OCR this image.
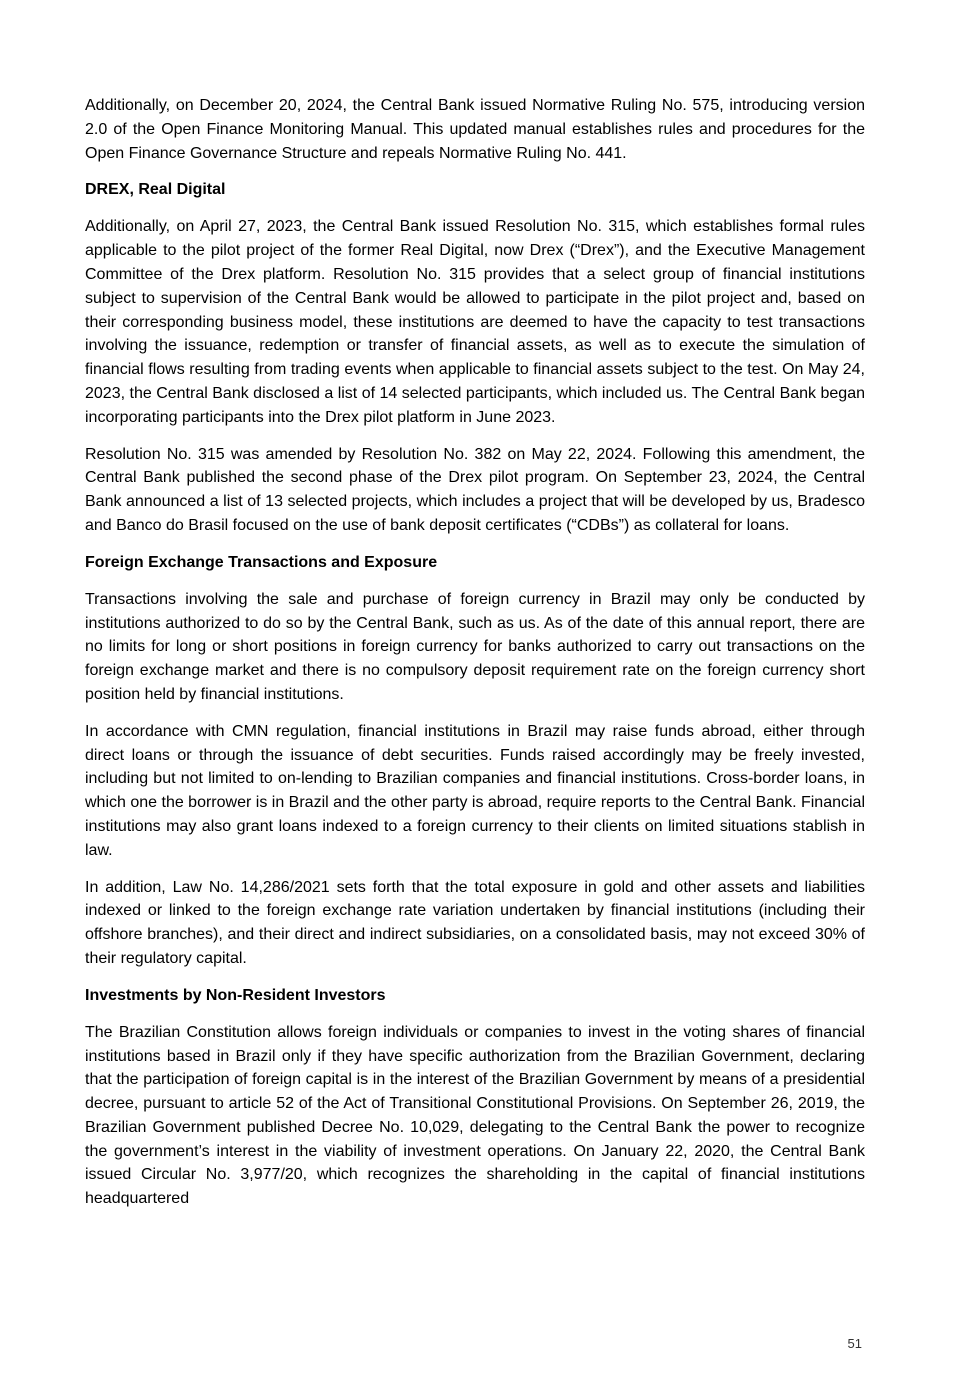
Additionally, on December 20, 2024, the Central Bank issued Normative Ruling No. 575, introducing version 2.0 of the Open Finance Monitoring Manual. This updated manual establishes rules and procedures for the Open Finance Governance Structure and repeals Normative Ruling No. 441.

DREX, Real Digital

Additionally, on April 27, 2023, the Central Bank issued Resolution No. 315, which establishes formal rules applicable to the pilot project of the former Real Digital, now Drex (“Drex”), and the Executive Management Committee of the Drex platform. Resolution No. 315 provides that a select group of financial institutions subject to supervision of the Central Bank would be allowed to participate in the pilot project and, based on their corresponding business model, these institutions are deemed to have the capacity to test transactions involving the issuance, redemption or transfer of financial assets, as well as to execute the simulation of financial flows resulting from trading events when applicable to financial assets subject to the test. On May 24, 2023, the Central Bank disclosed a list of 14 selected participants, which included us. The Central Bank began incorporating participants into the Drex pilot platform in June 2023.

Resolution No. 315 was amended by Resolution No. 382 on May 22, 2024. Following this amendment, the Central Bank published the second phase of the Drex pilot program. On September 23, 2024, the Central Bank announced a list of 13 selected projects, which includes a project that will be developed by us, Bradesco and Banco do Brasil focused on the use of bank deposit certificates (“CDBs”) as collateral for loans.

Foreign Exchange Transactions and Exposure

Transactions involving the sale and purchase of foreign currency in Brazil may only be conducted by institutions authorized to do so by the Central Bank, such as us. As of the date of this annual report, there are no limits for long or short positions in foreign currency for banks authorized to carry out transactions on the foreign exchange market and there is no compulsory deposit requirement rate on the foreign currency short position held by financial institutions.

In accordance with CMN regulation, financial institutions in Brazil may raise funds abroad, either through direct loans or through the issuance of debt securities. Funds raised accordingly may be freely invested, including but not limited to on-lending to Brazilian companies and financial institutions. Cross-border loans, in which one the borrower is in Brazil and the other party is abroad, require reports to the Central Bank. Financial institutions may also grant loans indexed to a foreign currency to their clients on limited situations stablish in law.

In addition, Law No. 14,286/2021 sets forth that the total exposure in gold and other assets and liabilities indexed or linked to the foreign exchange rate variation undertaken by financial institutions (including their offshore branches), and their direct and indirect subsidiaries, on a consolidated basis, may not exceed 30% of their regulatory capital.

Investments by Non-Resident Investors

The Brazilian Constitution allows foreign individuals or companies to invest in the voting shares of financial institutions based in Brazil only if they have specific authorization from the Brazilian Government, declaring that the participation of foreign capital is in the interest of the Brazilian Government by means of a presidential decree, pursuant to article 52 of the Act of Transitional Constitutional Provisions. On September 26, 2019, the Brazilian Government published Decree No. 10,029, delegating to the Central Bank the power to recognize the government’s interest in the viability of investment operations. On January 22, 2020, the Central Bank issued Circular No. 3,977/20, which recognizes the shareholding in the capital of financial institutions headquartered

51
